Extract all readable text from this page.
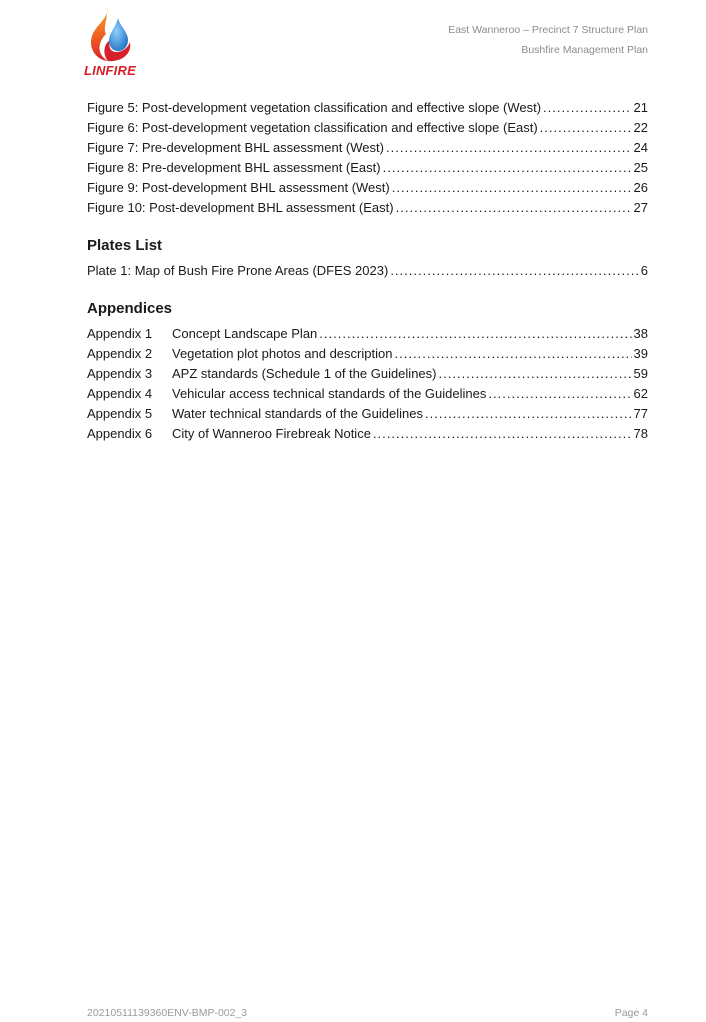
LINFIRE
East Wanneroo – Precinct 7 Structure Plan
Bushfire Management Plan
Figure 5: Post-development vegetation classification and effective slope (West) . . .	21
Figure 6: Post-development vegetation classification and effective slope (East) . . .	22
Figure 7: Pre-development BHL assessment (West) . . .	24
Figure 8: Pre-development BHL assessment (East) . . .	25
Figure 9: Post-development BHL assessment (West) . . .	26
Figure 10: Post-development BHL assessment (East) . . .	27
Plates List
Plate 1: Map of Bush Fire Prone Areas (DFES 2023) . . .	6
Appendices
Appendix 1	Concept Landscape Plan . . .	38
Appendix 2	Vegetation plot photos and description . . .	39
Appendix 3	APZ standards (Schedule 1 of the Guidelines) . . .	59
Appendix 4	Vehicular access technical standards of the Guidelines . . .	62
Appendix 5	Water technical standards of the Guidelines . . .	77
Appendix 6	City of Wanneroo Firebreak Notice . . .	78
20210511139360ENV-BMP-002_3	Page 4
